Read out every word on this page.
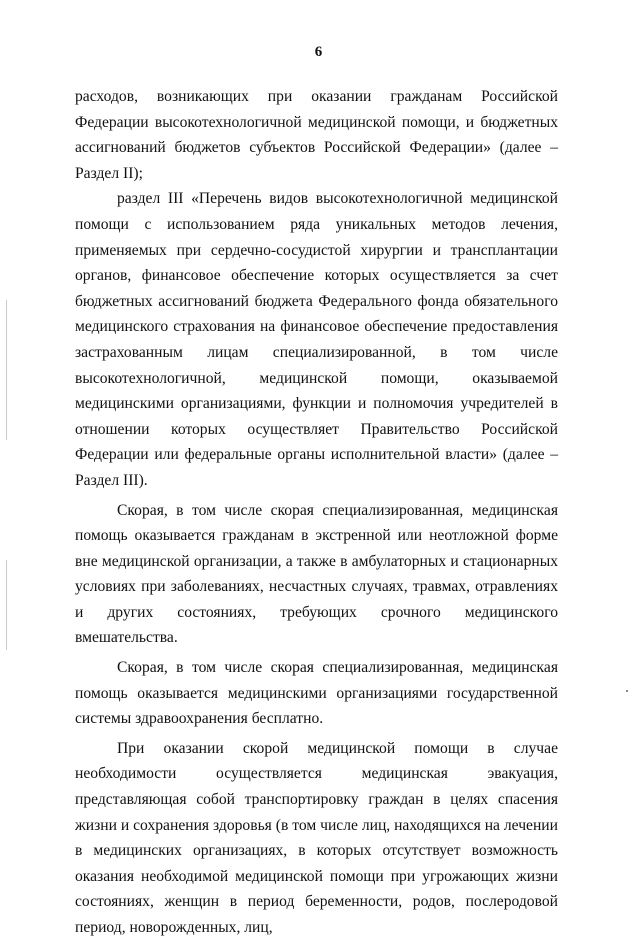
6

расходов, возникающих при оказании гражданам Российской Федерации высокотехнологичной медицинской помощи, и бюджетных ассигнований бюджетов субъектов Российской Федерации» (далее – Раздел II);

раздел III «Перечень видов высокотехнологичной медицинской помощи с использованием ряда уникальных методов лечения, применяемых при сердечно-сосудистой хирургии и трансплантации органов, финансовое обеспечение которых осуществляется за счет бюджетных ассигнований бюджета Федерального фонда обязательного медицинского страхования на финансовое обеспечение предоставления застрахованным лицам специализированной, в том числе высокотехнологичной, медицинской помощи, оказываемой медицинскими организациями, функции и полномочия учредителей в отношении которых осуществляет Правительство Российской Федерации или федеральные органы исполнительной власти» (далее – Раздел III).

Скорая, в том числе скорая специализированная, медицинская помощь оказывается гражданам в экстренной или неотложной форме вне медицинской организации, а также в амбулаторных и стационарных условиях при заболеваниях, несчастных случаях, травмах, отравлениях и других состояниях, требующих срочного медицинского вмешательства.

Скорая, в том числе скорая специализированная, медицинская помощь оказывается медицинскими организациями государственной системы здравоохранения бесплатно.

При оказании скорой медицинской помощи в случае необходимости осуществляется медицинская эвакуация, представляющая собой транспортировку граждан в целях спасения жизни и сохранения здоровья (в том числе лиц, находящихся на лечении в медицинских организациях, в которых отсутствует возможность оказания необходимой медицинской помощи при угрожающих жизни состояниях, женщин в период беременности, родов, послеродовой период, новорожденных, лиц,
